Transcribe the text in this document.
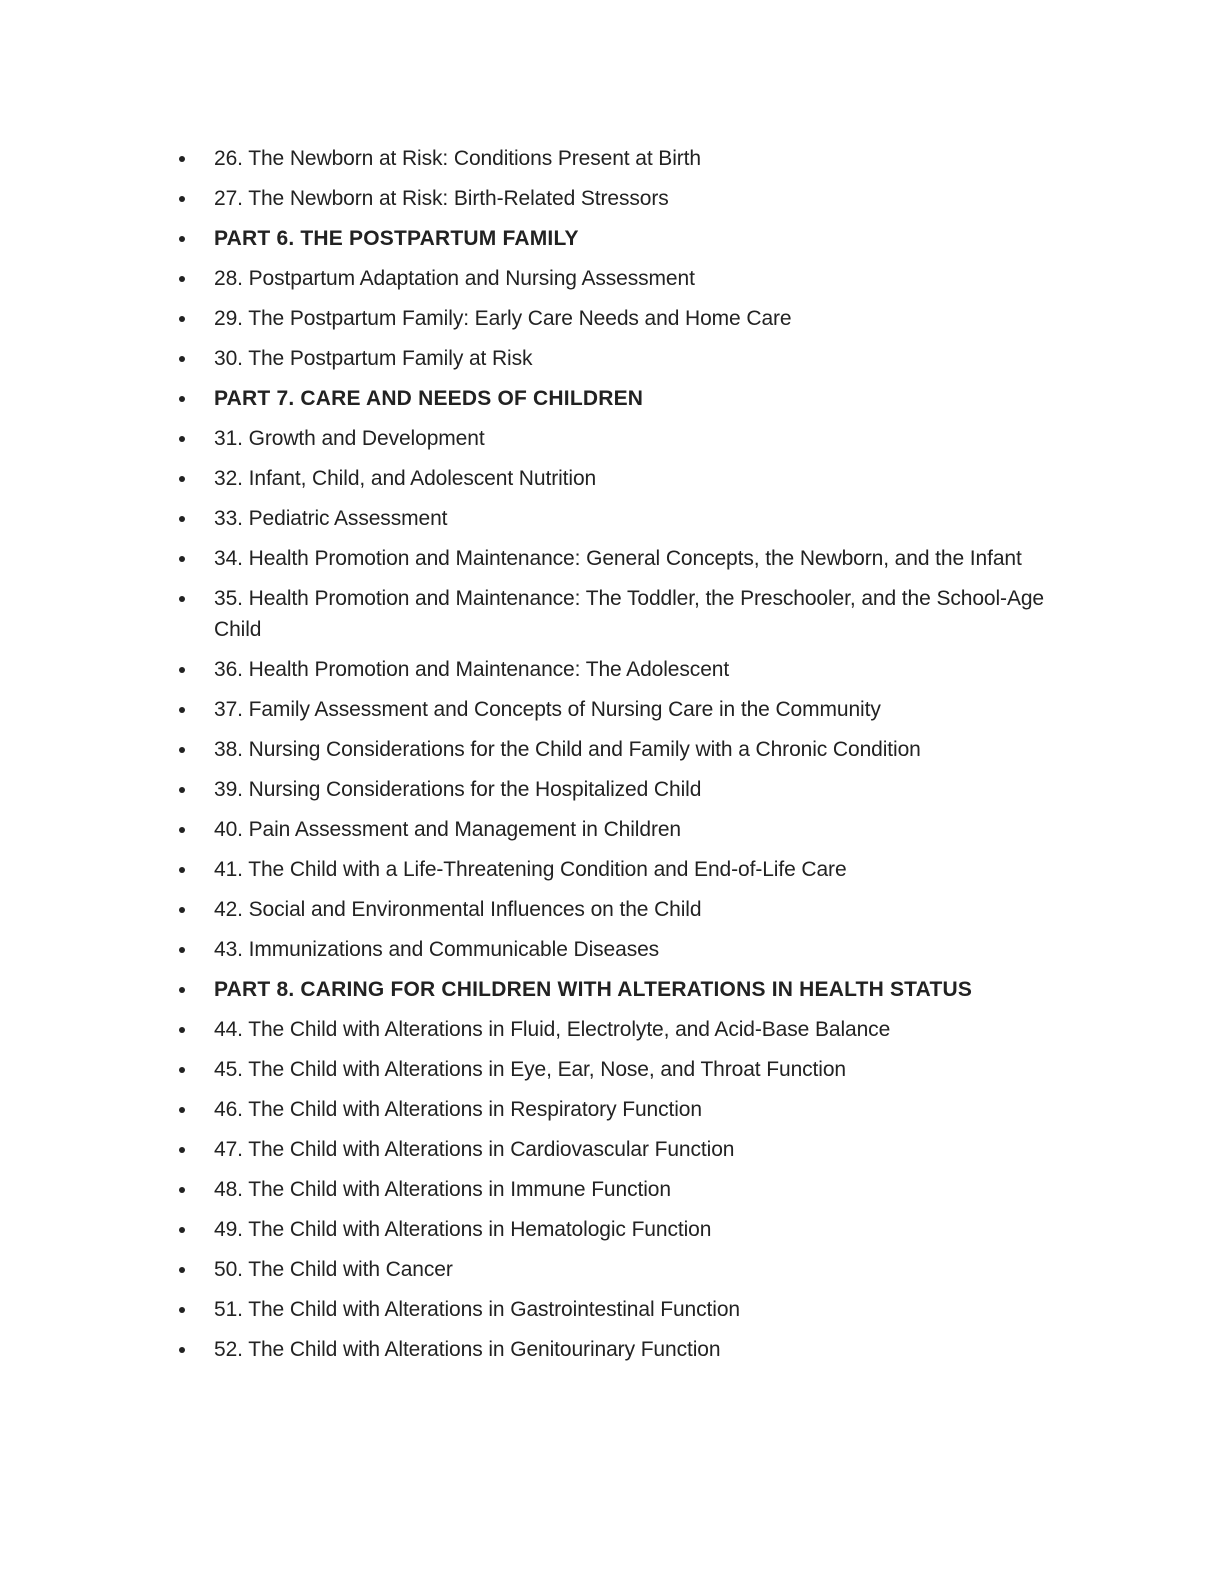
26. The Newborn at Risk: Conditions Present at Birth
27. The Newborn at Risk: Birth-Related Stressors
PART 6. THE POSTPARTUM FAMILY
28. Postpartum Adaptation and Nursing Assessment
29. The Postpartum Family: Early Care Needs and Home Care
30. The Postpartum Family at Risk
PART 7. CARE AND NEEDS OF CHILDREN
31. Growth and Development
32. Infant, Child, and Adolescent Nutrition
33. Pediatric Assessment
34. Health Promotion and Maintenance: General Concepts, the Newborn, and the Infant
35. Health Promotion and Maintenance: The Toddler, the Preschooler, and the School-Age Child
36. Health Promotion and Maintenance: The Adolescent
37. Family Assessment and Concepts of Nursing Care in the Community
38. Nursing Considerations for the Child and Family with a Chronic Condition
39. Nursing Considerations for the Hospitalized Child
40. Pain Assessment and Management in Children
41. The Child with a Life-Threatening Condition and End-of-Life Care
42. Social and Environmental Influences on the Child
43. Immunizations and Communicable Diseases
PART 8. CARING FOR CHILDREN WITH ALTERATIONS IN HEALTH STATUS
44. The Child with Alterations in Fluid, Electrolyte, and Acid-Base Balance
45. The Child with Alterations in Eye, Ear, Nose, and Throat Function
46. The Child with Alterations in Respiratory Function
47. The Child with Alterations in Cardiovascular Function
48. The Child with Alterations in Immune Function
49. The Child with Alterations in Hematologic Function
50. The Child with Cancer
51. The Child with Alterations in Gastrointestinal Function
52. The Child with Alterations in Genitourinary Function
